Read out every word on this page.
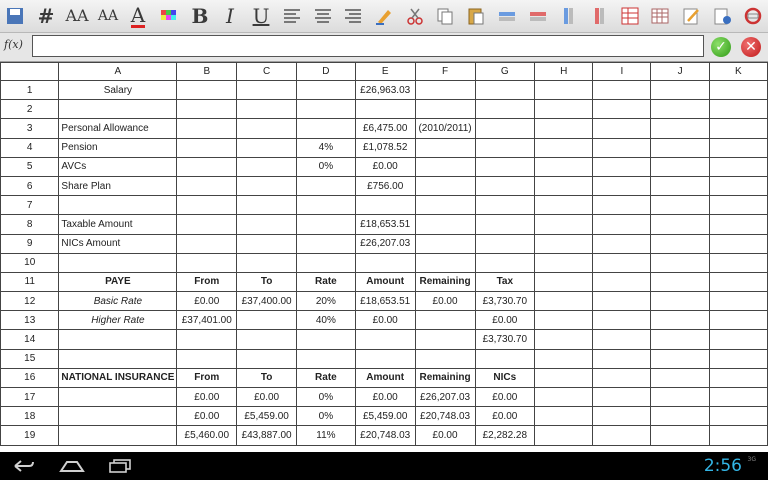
# AA AA A B I U
f(x)	✓ ✕
	A	B	C	D	E	F	G	H	I	J	K
1	Salary				£26,963.03						
2											
3	Personal Allowance				£6,475.00	(2010/2011)					
4	Pension			4%	£1,078.52						
5	AVCs			0%	£0.00						
6	Share Plan				£756.00						
7											
8	Taxable Amount				£18,653.51						
9	NICs Amount				£26,207.03						
10											
11	PAYE	From	To	Rate	Amount	Remaining	Tax				
12	Basic Rate	£0.00	£37,400.00	20%	£18,653.51	£0.00	£3,730.70				
13	Higher Rate	£37,401.00		40%	£0.00		£0.00				
14							£3,730.70				
15											
16	NATIONAL INSURANCE	From	To	Rate	Amount	Remaining	NICs				
17		£0.00	£0.00	0%	£0.00	£26,207.03	£0.00				
18		£0.00	£5,459.00	0%	£5,459.00	£20,748.03	£0.00				
19		£5,460.00	£43,887.00	11%	£20,748.03	£0.00	£2,282.28				
2:56 3G
